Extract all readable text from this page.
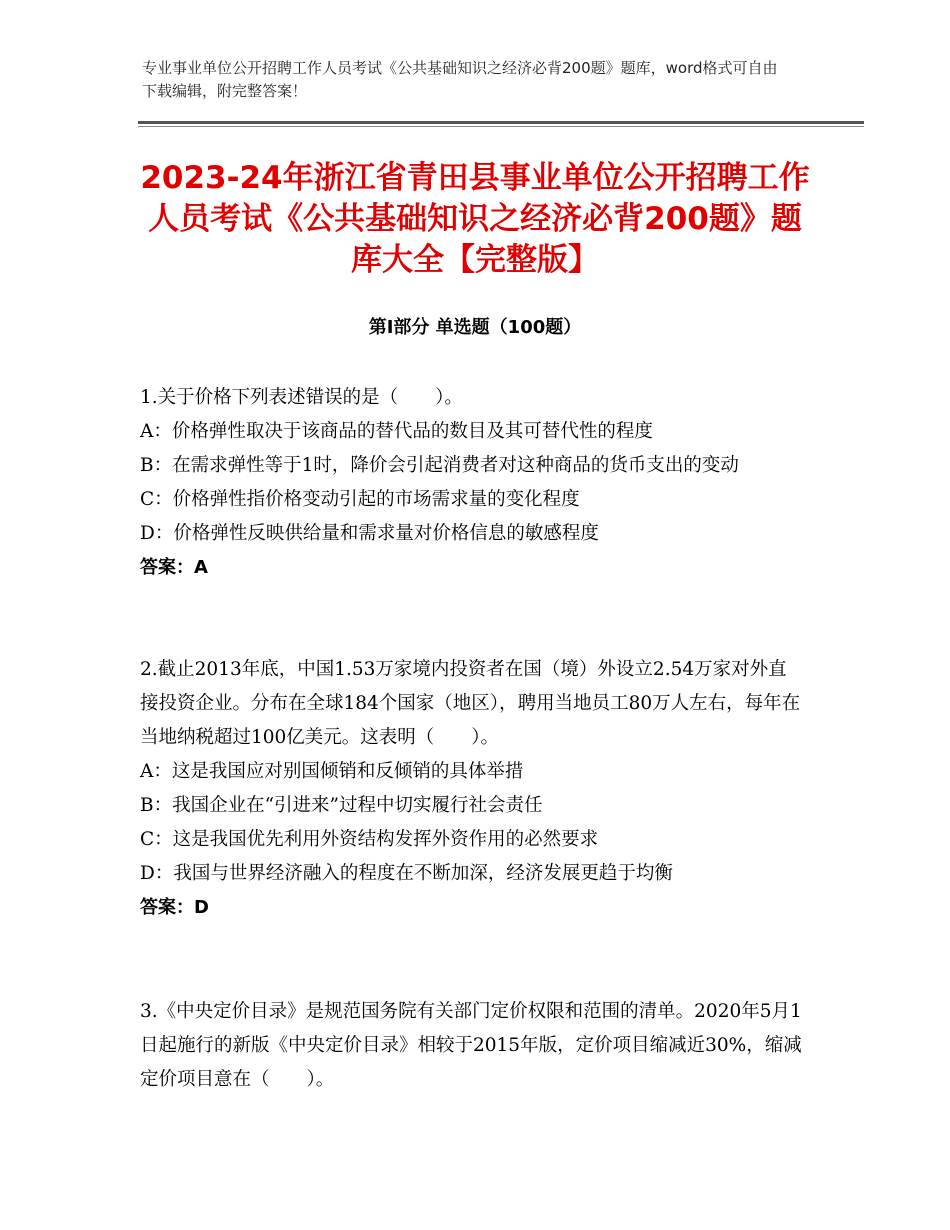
专业事业单位公开招聘工作人员考试《公共基础知识之经济必背200题》题库，word格式可自由下载编辑，附完整答案！
2023-24年浙江省青田县事业单位公开招聘工作人员考试《公共基础知识之经济必背200题》题库大全【完整版】
第Ⅰ部分 单选题（100题）

1.关于价格下列表述错误的是（　　）。

A：价格弹性取决于该商品的替代品的数目及其可替代性的程度

B：在需求弹性等于1时，降价会引起消费者对这种商品的货币支出的变动

C：价格弹性指价格变动引起的市场需求量的变化程度

D：价格弹性反映供给量和需求量对价格信息的敏感程度

答案：A

2.截止2013年底，中国1.53万家境内投资者在国（境）外设立2.54万家对外直接投资企业。分布在全球184个国家（地区），聘用当地员工80万人左右，每年在当地纳税超过100亿美元。这表明（　　）。

A：这是我国应对别国倾销和反倾销的具体举措

B：我国企业在“引进来”过程中切实履行社会责任

C：这是我国优先利用外资结构发挥外资作用的必然要求

D：我国与世界经济融入的程度在不断加深，经济发展更趋于均衡

答案：D

3.《中央定价目录》是规范国务院有关部门定价权限和范围的清单。2020年5月1日起施行的新版《中央定价目录》相较于2015年版，定价项目缩减近30%，缩减定价项目意在（　　）。
